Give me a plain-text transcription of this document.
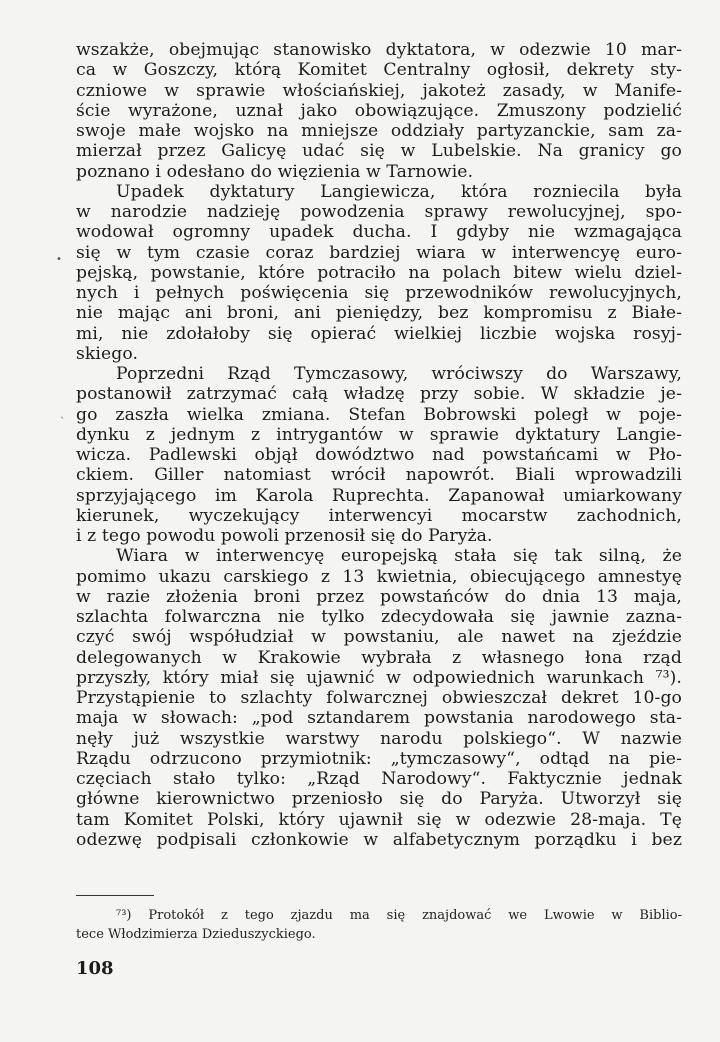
wszakże, obejmując stanowisko dyktatora, w odezwie 10 mar-
ca w Goszczy, którą Komitet Centralny ogłosił, dekrety sty-
czniowe w sprawie włościańskiej, jakoteż zasady, w Manife-
ście wyrażone, uznał jako obowiązujące. Zmuszony podzielić
swoje małe wojsko na mniejsze oddziały partyzanckie, sam za-
mierzał przez Galicyę udać się w Lubelskie. Na granicy go
poznano i odesłano do więzienia w Tarnowie.
Upadek dyktatury Langiewicza, która rozniecila była
w narodzie nadzieję powodzenia sprawy rewolucyjnej, spo-
wodował ogromny upadek ducha. I gdyby nie wzmagająca
się w tym czasie coraz bardziej wiara w interwencyę euro-
pejską, powstanie, które potraciło na polach bitew wielu dziel-
nych i pełnych poświęcenia się przewodników rewolucyjnych,
nie mając ani broni, ani pieniędzy, bez kompromisu z Białe-
mi, nie zdołałoby się opierać wielkiej liczbie wojska rosyj-
skiego.
Poprzedni Rząd Tymczasowy, wróciwszy do Warszawy,
postanowił zatrzymać całą władzę przy sobie. W składzie je-
go zaszła wielka zmiana. Stefan Bobrowski poległ w poje-
dynku z jednym z intrygantów w sprawie dyktatury Langie-
wicza. Padlewski objął dowództwo nad powstańcami w Pło-
ckiem. Giller natomiast wrócił napowrót. Biali wprowadzili
sprzyjającego im Karola Ruprechta. Zapanował umiarkowany
kierunek, wyczekujący interwencyi mocarstw zachodnich,
i z tego powodu powoli przenosił się do Paryża.
Wiara w interwencyę europejską stała się tak silną, że
pomimo ukazu carskiego z 13 kwietnia, obiecującego amnestyę
w razie złożenia broni przez powstańców do dnia 13 maja,
szlachta folwarczna nie tylko zdecydowała się jawnie zazna-
czyć swój współudział w powstaniu, ale nawet na zjeździe
delegowanych w Krakowie wybrała z własnego łona rząd
przyszły, który miał się ujawnić w odpowiednich warunkach ⁷³).
Przystąpienie to szlachty folwarcznej obwieszczał dekret 10-go
maja w słowach: „pod sztandarem powstania narodowego sta-
nęły już wszystkie warstwy narodu polskiego“. W nazwie
Rządu odrzucono przymiotnik: „tymczasowy“, odtąd na pie-
częciach stało tylko: „Rząd Narodowy“. Faktycznie jednak
główne kierownictwo przeniosło się do Paryża. Utworzył się
tam Komitet Polski, który ujawnił się w odezwie 28-maja. Tę
odezwę podpisali członkowie w alfabetycznym porządku i bez
⁷³) Protokół z tego zjazdu ma się znajdować we Lwowie w Biblio-
tece Włodzimierza Dzieduszyckiego.
108
•
ˎ
